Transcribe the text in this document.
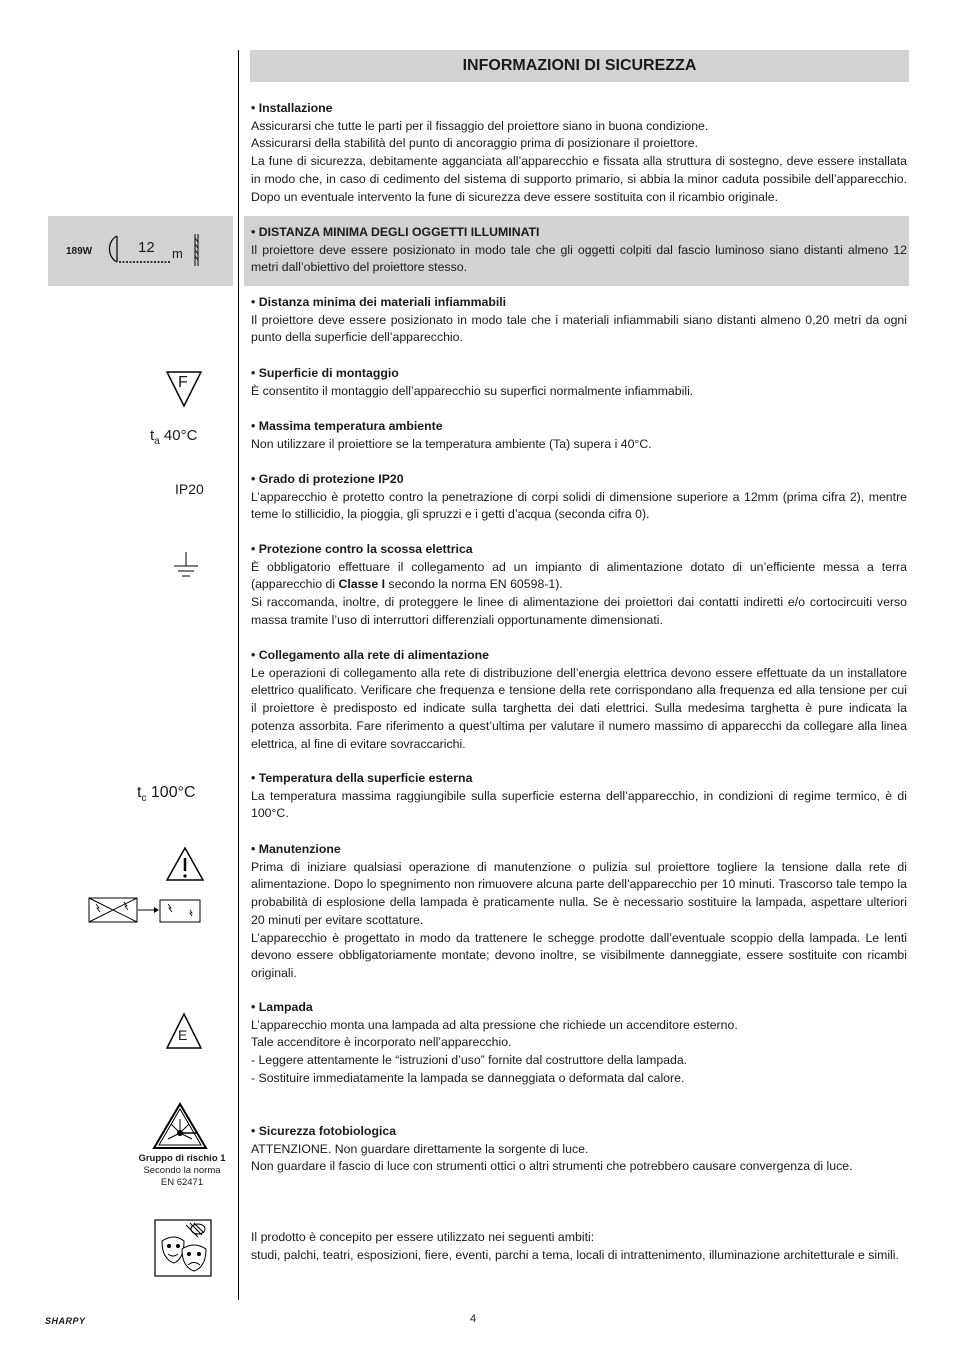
INFORMAZIONI DI SICUREZZA
• Installazione

Assicurarsi che tutte le parti per il fissaggio del proiettore siano in buona condizione.

Assicurarsi della stabilità del punto di ancoraggio prima di posizionare il proiettore.

La fune di sicurezza, debitamente agganciata all’apparecchio e fissata alla struttura di sostegno, deve essere installata in modo che, in caso di cedimento del sistema di supporto primario, si abbia la minor caduta possibile dell’apparecchio. Dopo un eventuale intervento la fune di sicurezza deve essere sostituita con il ricambio originale.

• DISTANZA MINIMA DEGLI OGGETTI ILLUMINATI

Il proiettore deve essere posizionato in modo tale che gli oggetti colpiti dal fascio luminoso siano distanti almeno 12 metri dall’obiettivo del proiettore stesso.

• Distanza minima dei materiali infiammabili

Il proiettore deve essere posizionato in modo tale che i materiali infiammabili siano distanti almeno 0,20 metri da ogni punto della superficie dell’apparecchio.

• Superficie di montaggio

È consentito il montaggio dell’apparecchio su superfici normalmente infiammabili.

• Massima temperatura ambiente

Non utilizzare il proiettiore se la temperatura ambiente (Ta) supera i 40°C.

• Grado di protezione IP20

L’apparecchio è protetto contro la penetrazione di corpi solidi di dimensione superiore a 12mm (prima cifra 2), mentre teme lo stillicidio, la pioggia, gli spruzzi e i getti d’acqua (seconda cifra 0).

• Protezione contro la scossa elettrica

È obbligatorio effettuare il collegamento ad un impianto di alimentazione dotato di un’efficiente messa a terra (apparecchio di Classe I secondo la norma EN 60598-1).

Si raccomanda, inoltre, di proteggere le linee di alimentazione dei proiettori dai contatti indiretti e/o cortocircuiti verso massa tramite l’uso di interruttori differenziali opportunamente dimensionati.

• Collegamento alla rete di alimentazione

Le operazioni di collegamento alla rete di distribuzione dell’energia elettrica devono essere effettuate da un installatore elettrico qualificato. Verificare che frequenza e tensione della rete corrispondano alla frequenza ed alla tensione per cui il proiettore è predisposto ed indicate sulla targhetta dei dati elettrici. Sulla medesima targhetta è pure indicata la potenza assorbita. Fare riferimento a quest’ultima per valutare il numero massimo di apparecchi da collegare alla linea elettrica, al fine di evitare sovraccarichi.

• Temperatura della superficie esterna

La temperatura massima raggiungibile sulla superficie esterna dell’apparecchio, in condizioni di regime termico, è di 100°C.

• Manutenzione

Prima di iniziare qualsiasi operazione di manutenzione o pulizia sul proiettore togliere la tensione dalla rete di alimentazione. Dopo lo spegnimento non rimuovere alcuna parte dell’apparecchio per 10 minuti. Trascorso tale tempo la probabilità di esplosione della lampada è praticamente nulla. Se è necessario sostituire la lampada, aspettare ulteriori 20 minuti per evitare scottature.

L’apparecchio è progettato in modo da trattenere le schegge prodotte dall’eventuale scoppio della lampada. Le lenti devono essere obbligatoriamente montate; devono inoltre, se visibilmente danneggiate, essere sostituite con ricambi originali.

• Lampada

L’apparecchio monta una lampada ad alta pressione che richiede un accenditore esterno.

Tale accenditore è incorporato nell’apparecchio.

- Leggere attentamente le “istruzioni d’uso” fornite dal costruttore della lampada.

- Sostituire immediatamente la lampada se danneggiata o deformata dal calore.

• Sicurezza fotobiologica

ATTENZIONE. Non guardare direttamente la sorgente di luce.

Non guardare il fascio di luce con strumenti ottici o altri strumenti che potrebbero causare convergenza di luce.

Il prodotto è concepito per essere utilizzato nei seguenti ambiti:

studi, palchi, teatri, esposizioni, fiere, eventi, parchi a tema, locali di intrattenimento, illuminazione architetturale e simili.

189W	12 m
F
$t_a$ 40°C
IP20
$t_c$ 100°C
E
Gruppo di rischio 1
Secondo la norma
EN 62471
SHARPY	4
